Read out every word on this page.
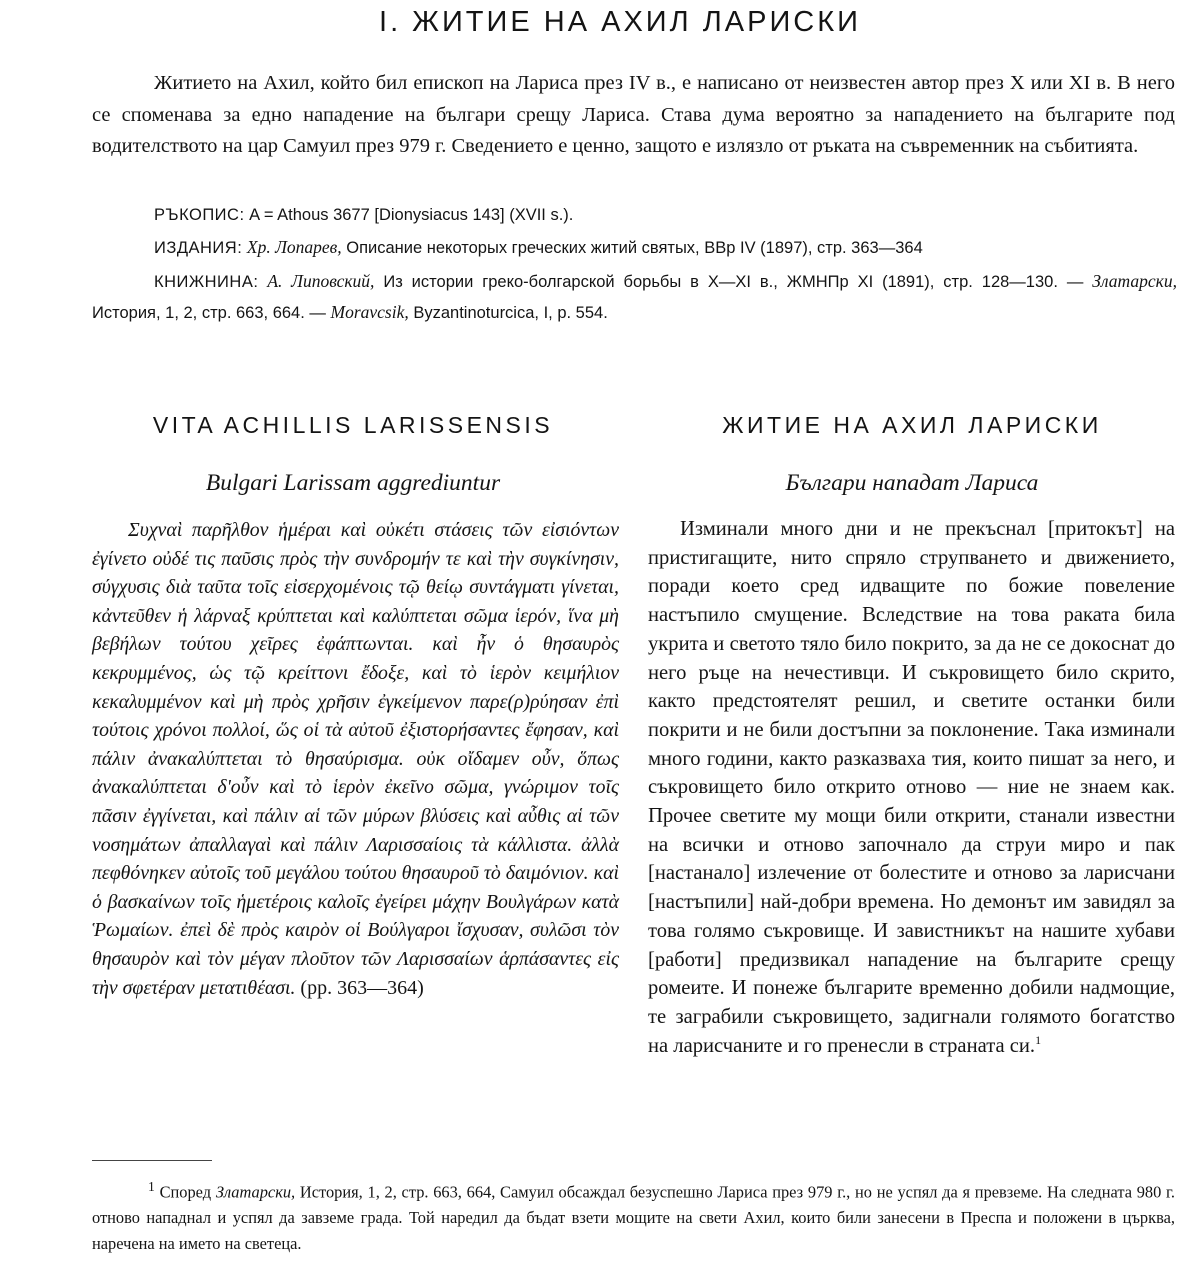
I. ЖИТИЕ НА АХИЛ ЛАРИСКИ

Житието на Ахил, който бил епископ на Лариса през IV в., е написано от неизвестен автор през X или XI в. В него се споменава за едно нападение на българи срещу Лариса. Става дума вероятно за нападението на българите под водителството на цар Самуил през 979 г. Сведението е ценно, защото е излязло от ръката на съвременник на събитията.

РЪКОПИС: A = Athous 3677 [Dionysiacus 143] (XVII s.).

ИЗДАНИЯ: Хр. Лопарев, Описание некоторых греческих житий святых, ВВр IV (1897), стр. 363—364

КНИЖНИНА: А. Липовский, Из истории греко-болгарской борьбы в X—XI в., ЖМНПр XI (1891), стр. 128—130. — Златарски, История, 1, 2, стр. 663, 664. — Moravcsik, Byzantinoturcica, I, p. 554.

VITA ACHILLIS LARISSENSIS	ЖИТИЕ НА АХИЛ ЛАРИСКИ
Bulgari Larissam aggrediuntur	Българи нападат Лариса

Συχναὶ παρῆλθον ἡμέραι καὶ οὐκέτι στάσεις τῶν εἰσιόντων ἐγίνετο οὐδέ τις παῦσις πρὸς τὴν συνδρομήν τε καὶ τὴν συγκίνησιν, σύγχυσις διὰ ταῦτα τοῖς εἰσερχομένοις τῷ θείῳ συντάγματι γίνεται, κἀντεῦθεν ἡ λάρναξ κρύπτεται καὶ καλύπτεται σῶμα ἱερόν, ἵνα μὴ βεβήλων τούτου χεῖρες ἐφάπτωνται. καὶ ἦν ὁ θησαυρὸς κεκρυμμένος, ὡς τῷ κρείττονι ἔδοξε, καὶ τὸ ἱερὸν κειμήλιον κεκαλυμμένον καὶ μὴ πρὸς χρῆσιν ἐγκείμενον παρε(ρ)ρύησαν ἐπὶ τούτοις χρόνοι πολλοί, ὥς οἱ τὰ αὐτοῦ ἐξιστορήσαντες ἔφησαν, καὶ πάλιν ἀνακαλύπτεται τὸ θησαύρισμα. οὐκ οἴδαμεν οὖν, ὅπως ἀνακαλύπτεται δ'οὖν καὶ τὸ ἱερὸν ἐκεῖνο σῶμα, γνώριμον τοῖς πᾶσιν ἐγγίνεται, καὶ πάλιν αἱ τῶν μύρων βλύσεις καὶ αὖθις αἱ τῶν νοσημάτων ἀπαλλαγαὶ καὶ πάλιν Λαρισσαίοις τὰ κάλλιστα. ἀλλὰ πεφθόνηκεν αὐτοῖς τοῦ μεγάλου τούτου θησαυροῦ τὸ δαιμόνιον. καὶ ὁ βασκαίνων τοῖς ἡμετέροις καλοῖς ἐγείρει μάχην Βουλγάρων κατὰ Ῥωμαίων. ἐπεὶ δὲ πρὸς καιρὸν οἱ Βούλγαροι ἴσχυσαν, συλῶσι τὸν θησαυρὸν καὶ τὸν μέγαν πλοῦτον τῶν Λαρισσαίων ἁρπάσαντες εἰς τὴν σφετέραν μετατιθέασι. (pp. 363—364)

Изминали много дни и не прекъснал [притокът] на пристигащите, нито спряло струпването и движението, поради което сред идващите по божие повеление настъпило смущение. Вследствие на това раката била укрита и светото тяло било покрито, за да не се докоснат до него ръце на нечестивци. И съкровището било скрито, както предстоятелят решил, и светите останки били покрити и не били достъпни за поклонение. Така изминали много години, както разказваха тия, които пишат за него, и съкровището било открито отново — ние не знаем как. Прочее светите му мощи били открити, станали известни на всички и отново започнало да струи миро и пак [настанало] излечение от болестите и отново за ларисчани [настъпили] най-добри времена. Но демонът им завидял за това голямо съкровище. И завистникът на нашите хубави [работи] предизвикал нападение на българите срещу ромеите. И понеже българите временно добили надмощие, те заграбили съкровището, задигнали голямото богатство на ларисчаните и го пренесли в страната си.$^1$

$^1$ Според Златарски, История, 1, 2, стр. 663, 664, Самуил обсаждал безуспешно Лариса през 979 г., но не успял да я превземе. На следната 980 г. отново нападнал и успял да завземе града. Той наредил да бъдат взети мощите на свети Ахил, които били занесени в Преспа и положени в църква, наречена на името на светеца.
